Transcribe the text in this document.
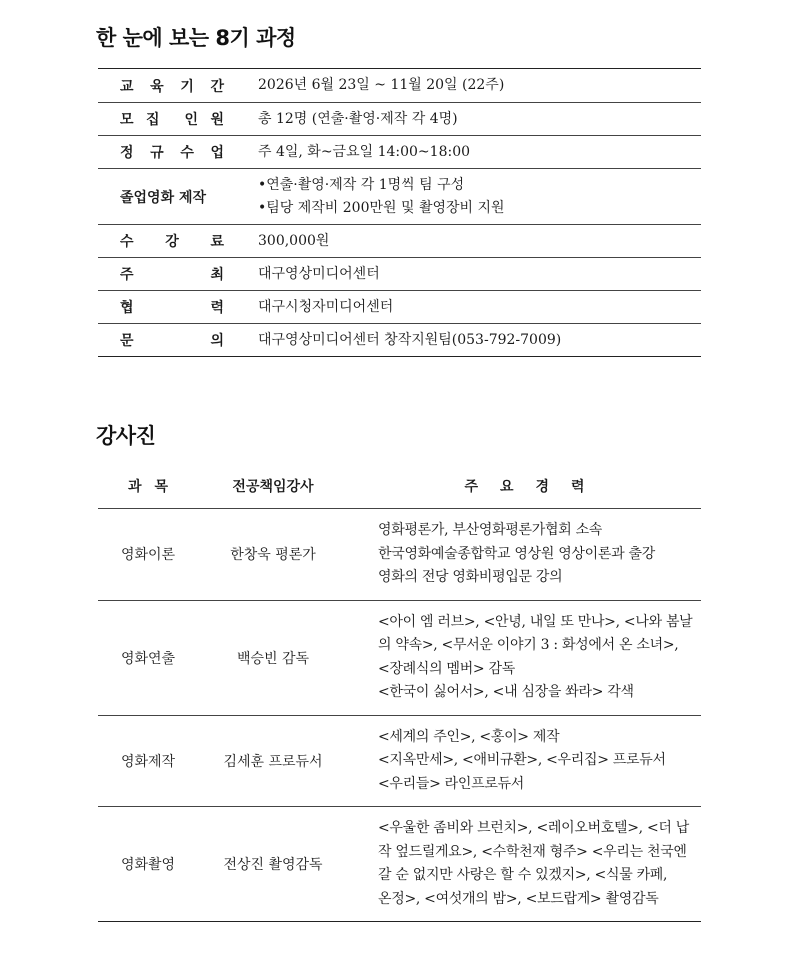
한 눈에 보는 8기 과정
교 육 기 간 2026년 6월 23일 ~ 11월 20일 (22주)
모 집 인 원 총 12명 (연출·촬영·제작 각 4명)
정 규 수 업 주 4일, 화~금요일 14:00~18:00
졸업영화 제작
•연출·촬영·제작 각 1명씩 팀 구성
•팀당 제작비 200만원 및 촬영장비 지원
수 강 료 300,000원
주	최 대구영상미디어센터
협	력 대구시청자미디어센터
문	의 대구영상미디어센터 창작지원팀(053-792-7009)
강사진
과 목	전공책임강사	주 요 경 력

영화이론	한창욱 평론가	영화평론가, 부산영화평론가협회 소속
한국영화예술종합학교 영상원 영상이론과 출강
영화의 전당 영화비평입문 강의

영화연출	백승빈 감독	<아이 엠 러브>, <안녕, 내일 또 만나>, <나와 봄날
의 약속>, <무서운 이야기 3 : 화성에서 온 소녀>,
<장례식의 멤버> 감독
<한국이 싫어서>, <내 심장을 쏴라> 각색

영화제작	김세훈 프로듀서	<세계의 주인>, <홍이> 제작
<지옥만세>, <애비규환>, <우리집> 프로듀서
<우리들> 라인프로듀서

영화촬영	전상진 촬영감독	<우울한 좀비와 브런치>, <레이오버호텔>, <더 납
작 엎드릴게요>, <수학천재 형주> <우리는 천국엔
갈 순 없지만 사랑은 할 수 있겠지>, <식물 카페,
온정>, <여섯개의 밤>, <보드랍게> 촬영감독
